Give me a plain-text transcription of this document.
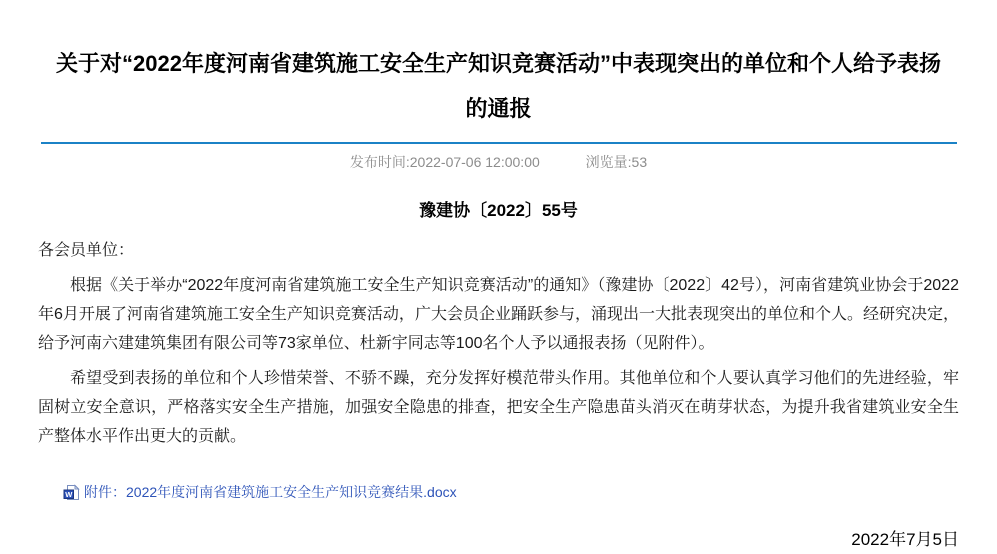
关于对“2022年度河南省建筑施工安全生产知识竞赛活动”中表现突出的单位和个人给予表扬的通报
发布时间:2022-07-06 12:00:00	浏览量:53
豫建协〔2022〕55号

各会员单位：

根据《关于举办“2022年度河南省建筑施工安全生产知识竞赛活动”的通知》（豫建协〔2022〕42号），河南省建筑业协会于2022年6月开展了河南省建筑施工安全生产知识竞赛活动，广大会员企业踊跃参与，涌现出一大批表现突出的单位和个人。经研究决定，给予河南六建建筑集团有限公司等73家单位、杜新宇同志等100名个人予以通报表扬（见附件）。

希望受到表扬的单位和个人珍惜荣誉、不骄不躁，充分发挥好模范带头作用。其他单位和个人要认真学习他们的先进经验，牢固树立安全意识，严格落实安全生产措施，加强安全隐患的排查，把安全生产隐患苗头消灭在萌芽状态，为提升我省建筑业安全生产整体水平作出更大的贡献。

W 附件：2022年度河南省建筑施工安全生产知识竞赛结果.docx
2022年7月5日
